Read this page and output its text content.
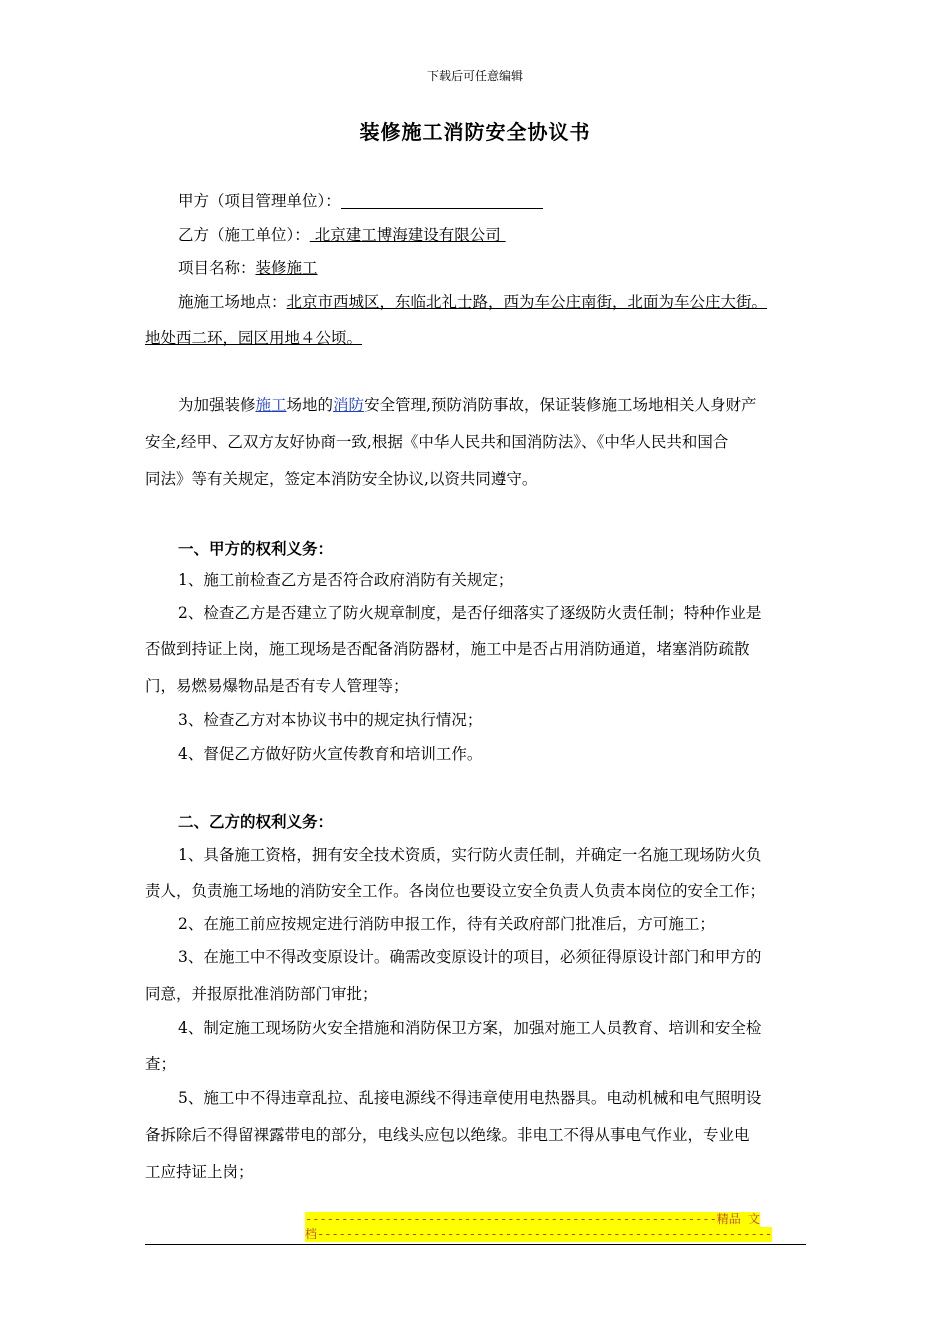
下载后可任意编辑
装修施工消防安全协议书
甲方（项目管理单位）：
乙方（施工单位）： 北京建工博海建设有限公司
项目名称：装修施工
施施工场地点：北京市西城区，东临北礼士路，西为车公庄南街，北面为车公庄大街。
地处西二环，园区用地４公顷。
为加强装修施工场地的消防安全管理,预防消防事故，保证装修施工场地相关人身财产
安全,经甲、乙双方友好协商一致,根据《中华人民共和国消防法》、《中华人民共和国合
同法》等有关规定，签定本消防安全协议,以资共同遵守。
一、甲方的权利义务：
1、施工前检查乙方是否符合政府消防有关规定；
2、检查乙方是否建立了防火规章制度，是否仔细落实了逐级防火责任制；特种作业是
否做到持证上岗，施工现场是否配备消防器材，施工中是否占用消防通道，堵塞消防疏散
门，易燃易爆物品是否有专人管理等；
3、检查乙方对本协议书中的规定执行情况；
4、督促乙方做好防火宣传教育和培训工作。
二、乙方的权利义务：
1、具备施工资格，拥有安全技术资质，实行防火责任制，并确定一名施工现场防火负
责人，负责施工场地的消防安全工作。各岗位也要设立安全负责人负责本岗位的安全工作；
2、在施工前应按规定进行消防申报工作，待有关政府部门批准后，方可施工；
3、在施工中不得改变原设计。确需改变原设计的项目，必须征得原设计部门和甲方的
同意，并报原批准消防部门审批；
4、制定施工现场防火安全措施和消防保卫方案，加强对施工人员教育、培训和安全检
查；
5、施工中不得违章乱拉、乱接电源线不得违章使用电热器具。电动机械和电气照明设
备拆除后不得留裸露带电的部分，电线头应包以绝缘。非电工不得从事电气作业，专业电
工应持证上岗；
---------------------------------------------------------精品 文
档---------------------------------------------------------------
